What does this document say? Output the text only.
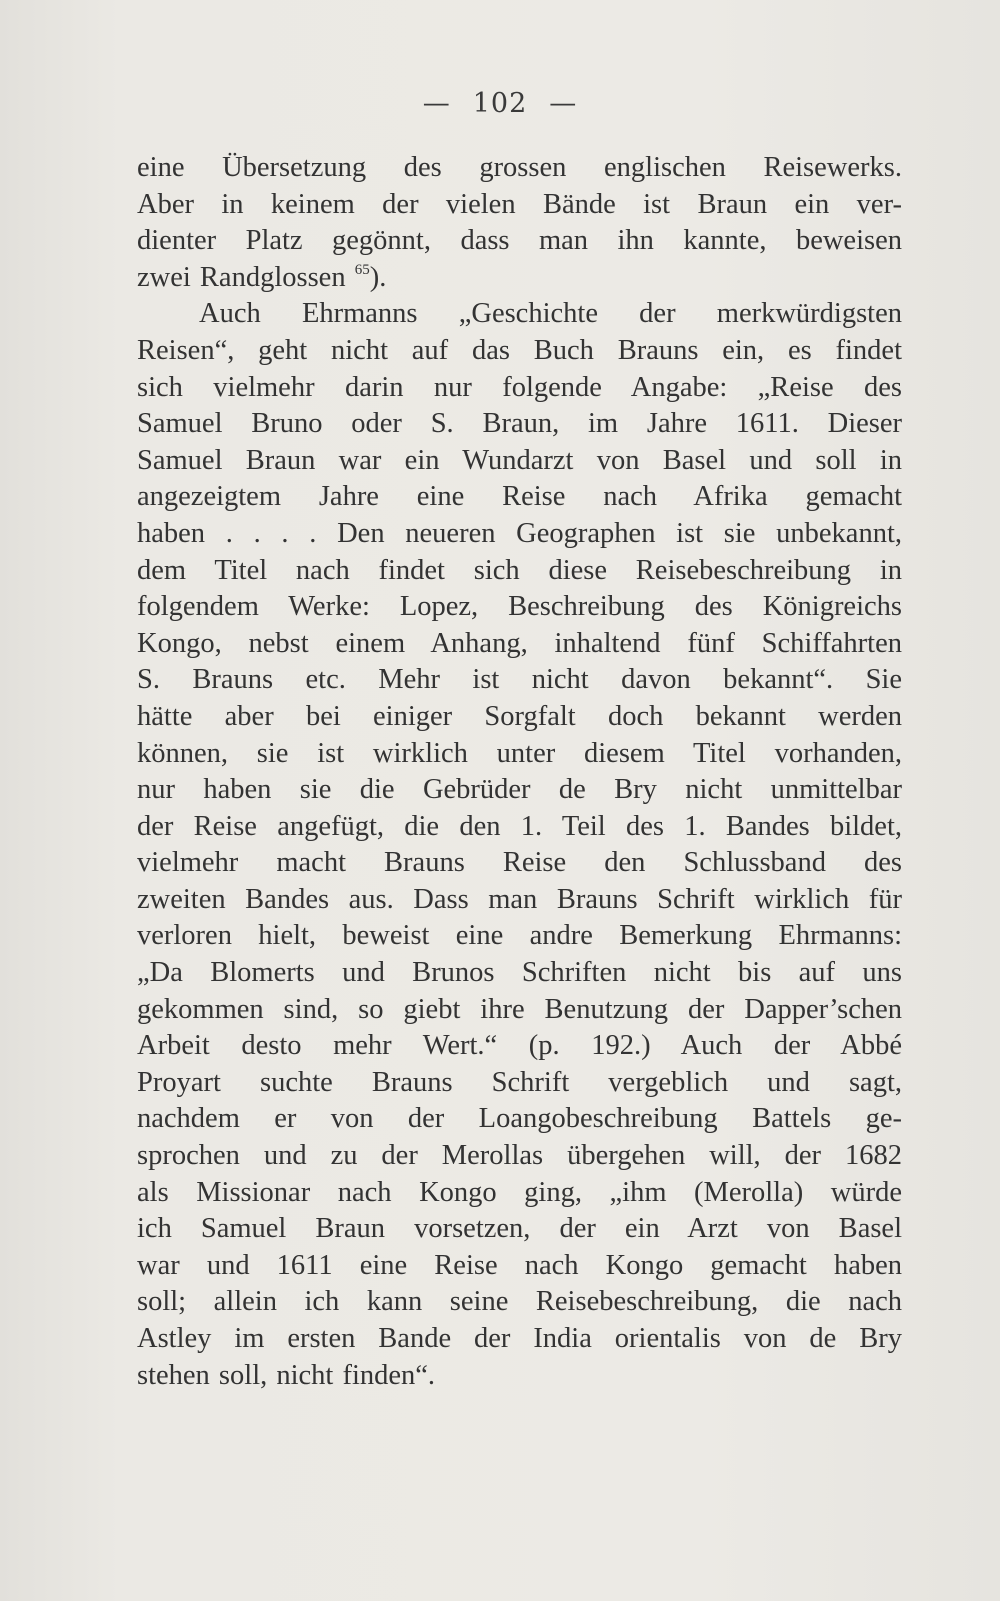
— 102 —
eine Übersetzung des grossen englischen Reisewerks.
Aber in keinem der vielen Bände ist Braun ein ver-
dienter Platz gegönnt, dass man ihn kannte, beweisen
zwei Randglossen $^{65}$).
Auch Ehrmanns „Geschichte der merkwürdigsten
Reisen“, geht nicht auf das Buch Brauns ein, es findet
sich vielmehr darin nur folgende Angabe: „Reise des
Samuel Bruno oder S. Braun, im Jahre 1611. Dieser
Samuel Braun war ein Wundarzt von Basel und soll in
angezeigtem Jahre eine Reise nach Afrika gemacht
haben . . . . Den neueren Geographen ist sie unbekannt,
dem Titel nach findet sich diese Reisebeschreibung in
folgendem Werke: Lopez, Beschreibung des Königreichs
Kongo, nebst einem Anhang, inhaltend fünf Schiffahrten
S. Brauns etc. Mehr ist nicht davon bekannt“. Sie
hätte aber bei einiger Sorgfalt doch bekannt werden
können, sie ist wirklich unter diesem Titel vorhanden,
nur haben sie die Gebrüder de Bry nicht unmittelbar
der Reise angefügt, die den 1. Teil des 1. Bandes bildet,
vielmehr macht Brauns Reise den Schlussband des
zweiten Bandes aus. Dass man Brauns Schrift wirklich für
verloren hielt, beweist eine andre Bemerkung Ehrmanns:
„Da Blomerts und Brunos Schriften nicht bis auf uns
gekommen sind, so giebt ihre Benutzung der Dapper’schen
Arbeit desto mehr Wert.“ (p. 192.) Auch der Abbé
Proyart suchte Brauns Schrift vergeblich und sagt,
nachdem er von der Loangobeschreibung Battels ge-
sprochen und zu der Merollas übergehen will, der 1682
als Missionar nach Kongo ging, „ihm (Merolla) würde
ich Samuel Braun vorsetzen, der ein Arzt von Basel
war und 1611 eine Reise nach Kongo gemacht haben
soll; allein ich kann seine Reisebeschreibung, die nach
Astley im ersten Bande der India orientalis von de Bry
stehen soll, nicht finden“.
